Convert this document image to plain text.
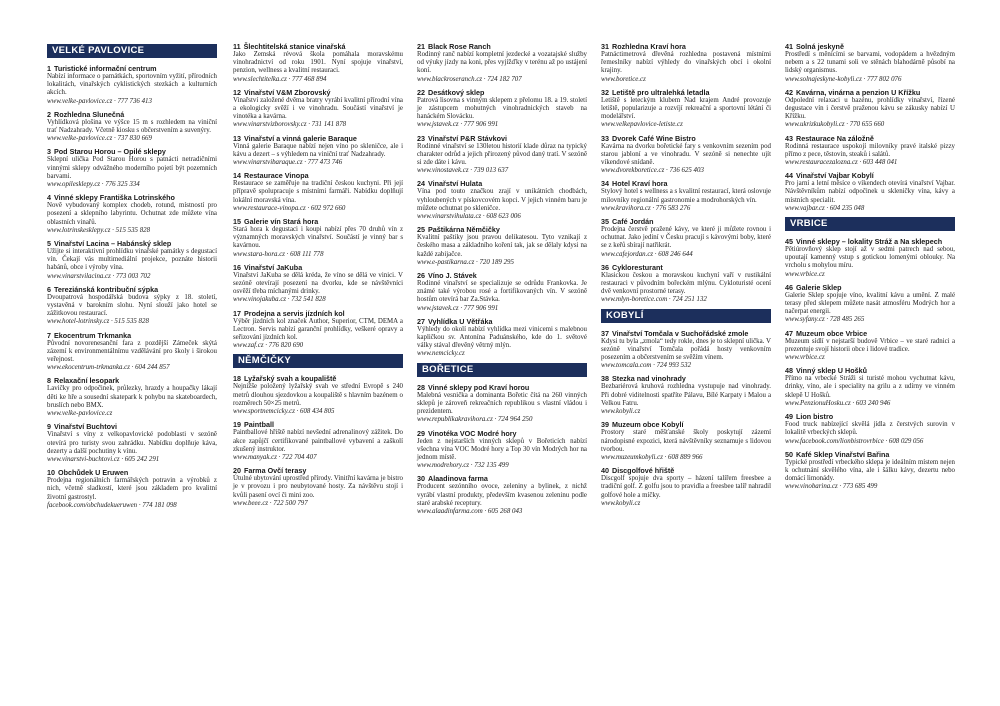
VELKÉ PAVLOVICE
1 Turistické informační centrum
Nabízí informace o památkách, sportovním vyžití, přírodních lokalitách, vinařských cyklistických stezkách a kulturních akcích.
www.velke-pavlovice.cz · 777 736 413
2 Rozhledna Slunečná
Vyhlídková plošina ve výšce 15 m s rozhledem na viniční trať Nadzahrady. Včetně kiosku s občerstvením a suvenýry.
www.velke-pavlovice.cz · 737 830 669
3 Pod Starou Horou – Opilé sklepy
Sklepní ulička Pod Starou Horou s patnácti netradičními vinnými sklepy odvážného moderního pojetí být pozemních barvami.
www.opilesklepy.cz · 776 325 334
4 Vinné sklepy Františka Lotrinského
Nově vybudovaný komplex chodeb, rotund, místností pro posezení a sklepního labyrintu. Ochutnat zde můžete vína oblastních vinařů.
www.lotrinskesklepy.cz · 515 535 828
5 Vinařství Lacina – Habánský sklep
Užijte si interaktivní prohlídku vinařské památky s degustací vín. Čekají vás multimediální projekce, poznáte historii habánů, obce i výroby vína.
www.vinarstvilacina.cz · 773 003 702
6 Tereziánská kontribuční sýpka
Dvoupatrová hospodářská budova sýpky z 18. století, vystavěná v barokním slohu. Nyní slouží jako hotel se zážitkovou restaurací.
www.hotel-lotrinsky.cz · 515 535 828
7 Ekocentrum Trkmanka
Původní novorenesanční fara z pozdější Zámeček skýtá zázemí k environmentálnímu vzdělávání pro školy i širokou veřejnost.
www.ekocentrum-trkmanka.cz · 604 244 857
8 Relaxační lesopark
Lavičky pro odpočinek, průlezky, hrazdy a houpačky lákají děti ke hře a sousední skatepark k pohybu na skateboardech, bruslích nebo BMX.
www.velke-pavlovice.cz
9 Vinařství Buchtovi
Vinařství s víny z velkopavlovické podoblasti v sezóně otevírá pro turisty svou zahrádku. Nabídku doplňuje káva, dezerty a další pochutiny k vínu.
www.vinarstvi-buchtovi.cz · 605 242 291
10 Obchůdek U Eruwen
Prodejna regionálních farmářských potravin a výrobků z nich, včetně sladkostí, které jsou základem pro kvalitní životní gastrostyl.
facebook.com/obchudekueruwen · 774 181 098
11 Šlechtitelská stanice vinařská
Jako Zemská révová škola pomáhala moravskému vinohradnictví od roku 1901. Nyní spojuje vinařství, penzion, wellness a kvalitní restauraci.
www.slechtitelka.cz · 777 468 894
12 Vinařství V&M Zborovský
Vinařství založené dvěma bratry vyrábí kvalitní přírodní vína a ekologicky svěží i ve vinohradu. Součástí vinařství je vinotéka a kavárna.
www.vinarstvizborovsky.cz · 731 141 878
13 Vinařství a vinná galerie Baraque
Vinná galerie Baraque nabízí nejen víno po skleničce, ale i kávu a dezert – s výhledem na viniční trať Nadzahrady.
www.vinarstvibaraque.cz · 777 473 746
14 Restaurace Vinopa
Restaurace se zaměřuje na tradiční českou kuchyni. Při její přípravě spolupracuje s místními farmáři. Nabídku doplňují lokální moravská vína.
www.restaurace-vinopa.cz · 602 972 660
15 Galerie vín Stará hora
Stará hora k degustaci i koupi nabízí přes 70 druhů vín z významných moravských vinařství. Součástí je vinný bar s kavárnou.
www.stara-hora.cz · 608 111 778
16 Vinařství JaKuba
Vinařství JaKuba se dělá kréda, že víno se dělá ve vinici. V sezóně otevírají posezení na dvorku, kde se návštěvníci osvěží třeba míchanými drinky.
www.vinojakuba.cz · 732 541 828
17 Prodejna a servis jízdních kol
Výběr jízdních kol značek Author, Superior, CTM, DEMA a Lectron. Servis nabízí garanční prohlídky, veškeré opravy a seřizování jízdních kol.
www.zaf.cz · 776 820 690
NĚMČIČKY
18 Lyžařský svah a koupaliště
Nejnižše položený lyžařský svah ve střední Evropě s 240 metrů dlouhou sjezdovkou a koupaliště s hlavním bazénem o rozměrech 50×25 metrů.
www.sportnemcicky.cz · 608 434 805
19 Paintball
Paintballové hřiště nabízí nevšední adrenalinový zážitek. Do akce zapůjčí certifikované paintballové vybavení a zaškolí zkušený instruktor.
www.manyak.cz · 722 704 407
20 Farma Ovčí terasy
Útulné ubytování uprostřed přírody. Vinitřní kavárna je bistro je v provozu i pro neubytované hosty. Za návštěvu stojí i kvůli pasení ovcí či mini zoo.
www.beee.cz · 722 500 797
21 Black Rose Ranch
Rodinný ranč nabízí kompletní jezdecké a vozatajské služby od výuky jízdy na koni, přes vyjížďky v terénu až po ustájení koní.
www.blackroseranch.cz · 724 182 707
22 Desátkový sklep
Patrová lisovna s vinným sklepem z přelomu 18. a 19. století je zástupcem mohutných vinohradnických staveb na hanáckém Slovácku.
www.jstavek.cz · 777 906 991
23 Vinařství P&R Stávkovi
Rodinné vinařství se 130letou historií klade důraz na typický charakter odrůd a jejich přirozený původ daný tratí. V sezóně si zde dáte i kávu.
www.vinostavek.cz · 739 013 637
24 Vinařství Hulata
Vína pod touto značkou zrají v unikátních chodbách, vyhloubených v pískovcovém kopci. V jejich vinném baru je můžete ochutnat po skleničce.
www.vinarstvihulata.cz · 608 623 006
25 Paštikárna Němčičky
Kvalitní paštiky jsou pravou delikatesou. Tyto vznikají z českého masa a základního koření tak, jak se dělaly kdysi na každé zabijačce.
www.e-pastikarna.cz · 720 189 295
26 Víno J. Stávek
Rodinné vinařství se specializuje se odrůdu Frankovka. Je známé také výrobou rosé a fortifikovaných vín. V sezóně hostům otevírá bar Za.Stávka.
www.jstavek.cz · 777 906 991
27 Vyhlídka U Větřáka
Výhledy do okolí nabízí vyhlídka mezi vinicemi s malebnou kapličkou sv. Antonína Paduánského, kde do 1. světové války stával dřevěný větrný mlýn.
www.nemcicky.cz
BOŘETICE
28 Vinné sklepy pod Kraví horou
Malebná vesnička a dominanta Bořetic čítá na 260 vinných sklepů je zároveň rekreačních republikou s vlastní vládou i prezidentem.
www.republikakravihora.cz · 724 964 250
29 Vinotéka VOC Modré hory
Jeden z nejstarších vinných sklepů v Bořeticích nabízí všechna vína VOC Modré hory a Top 30 vín Modrých hor na jednom místě.
www.modrehory.cz · 732 135 499
30 Alaadinova farma
Producent sezónního ovoce, zeleniny a bylinek, z nichž vyrábí vlastní produkty, především kvasenou zeleninu podle staré arabské receptury.
www.alaadinfarma.com · 605 268 043
31 Rozhledna Kraví hora
Patnáctimetrová dřevěná rozhledna postavená místními řemeslníky nabízí výhledy do vinařských obcí i okolní krajiny.
www.boretice.cz
32 Letiště pro ultralehká letadla
Letiště s leteckým klubem Nad krajem André provozuje letiště, popularizuje a rozvíjí rekreační a sportovní létání či modelářství.
www.velkepavlovice-letiste.cz
33 Dvorek Café Wine Bistro
Kavárna na dvorku bořetické fary s venkovním sezením pod starou jabloní a ve vinohradu. V sezóně si nenechte ujít víkendové snídaně.
www.dvorekboretice.cz · 736 625 403
34 Hotel Kraví hora
Stylový hotel s wellness a s kvalitní restaurací, která oslovuje milovníky regionální gastronomie a modrohorských vín.
www.kravihora.cz · 776 583 276
35 Café Jordán
Prodejna čerstvě pražené kávy, ve které ji můžete rovnou i ochutnat. Jako jediní v Česku pracují s kávovými boby, které se z keřů sbírají natřikrát.
www.cafejordan.cz · 608 246 644
36 Cykloresturant
Klasickou českou a moravskou kuchyní vaří v rustikální restauraci v původním bořeckém mlýnu. Cykloturisté ocení dvě venkovní prostorné terasy.
www.mlyn-boretice.com · 724 251 132
KOBYLÍ
37 Vinařství Tomčala v Suchořádské zmole
Kdysi tu byla „zmola“ tedy rokle, dnes je to sklepní ulička. V sezóně vinařství Tomčala pořádá hosty venkovním posezením a občerstvením se svěžím vínem.
www.tomcala.com · 724 993 532
38 Stezka nad vinohrady
Bezbariérová kruhová rozhledna vystupuje nad vinohrady. Při dobré viditelnosti spatříte Pálavu, Bílé Karpaty i Malou a Velkou Fatru.
www.kobyli.cz
39 Muzeum obce Kobylí
Prostory staré měšťanské školy poskytují zázemí národopisné expozici, která návštěvníky seznamuje s lidovou tvorbou.
www.muzeumkobyli.cz · 608 889 966
40 Discgolfové hřiště
Discgolf spojuje dva sporty – házení talířem freesbee a tradiční golf. Z golfu jsou to pravidla a freesbee talíř nahradil golfové hole a míčky.
www.kobyli.cz
41 Solná jeskyně
Prostředí s měnícími se barvami, vodopádem a hvězdným nebem a s 22 tunami soli ve stěnách blahodárně působí na lidský organismus.
www.solnajeskyne-kobyli.cz · 777 802 076
42 Kavárna, vinárna a penzion U Křížku
Odpolední relaxaci u bazénu, prohlídky vinařství, řízené degustace vín i čerstvě praženou kávu se zákusky nabízí U Křížku.
www.ukrizkukobyli.cz · 770 655 660
43 Restaurace Na záložně
Rodinná restaurace uspokojí milovníky pravé italské pizzy přímo z pece, těstovin, steaků i salátů.
www.restauracezaloznа.cz · 603 448 041
44 Vinařství Vajbar Kobylí
Pro jarní a letní měsíce o víkendech otevírá vinařství Vajbar. Návštěvníkům nabízí odpočinek u skleničky vína, kávy a místních specialit.
www.vajbar.cz · 604 235 048
VRBICE
45 Vinné sklepy – lokality Stráž a Na sklepech
Pětiúrovňový sklep stojí až v sedmi patrech nad sebou, upoutají kamenný vstup s gotickou lomenými oblouky. Na vrcholu s mohylou míru.
www.vrbice.cz
46 Galerie Sklep
Galerie Sklep spojuje víno, kvalitní kávu a umění. Z malé terasy před sklepem můžete nasát atmosféru Modrých hor a načerpat energii.
www.syfany.cz · 728 485 265
47 Muzeum obce Vrbice
Muzeum sídlí v nejstarší budově Vrbice – ve staré radnici a prezentuje svojí historii obce i lidové tradice.
www.vrbice.cz
48 Vinný sklep U Hošků
Přímo na vrbecké Stráži si turisté mohou vychutnat kávu, drinky, víno, ale i speciality na grilu a z udírny ve vinném sklepě U Hošků.
www.PenzionuHosku.cz · 603 240 946
49 Lion bistro
Food truck nabízející skvělá jídla z čerstvých surovin v lokalitě vrbeckých sklepů.
www.facebook.com/lionbistrovrbice · 608 029 056
50 Kafé Sklep Vinařství Bařina
Typické prostředí vrbeckého sklepa je ideálním místem nejen k ochutnání skvělého vína, ale i šálku kávy, dezertu nebo domácí limonády.
www.vinobarina.cz · 773 685 499
